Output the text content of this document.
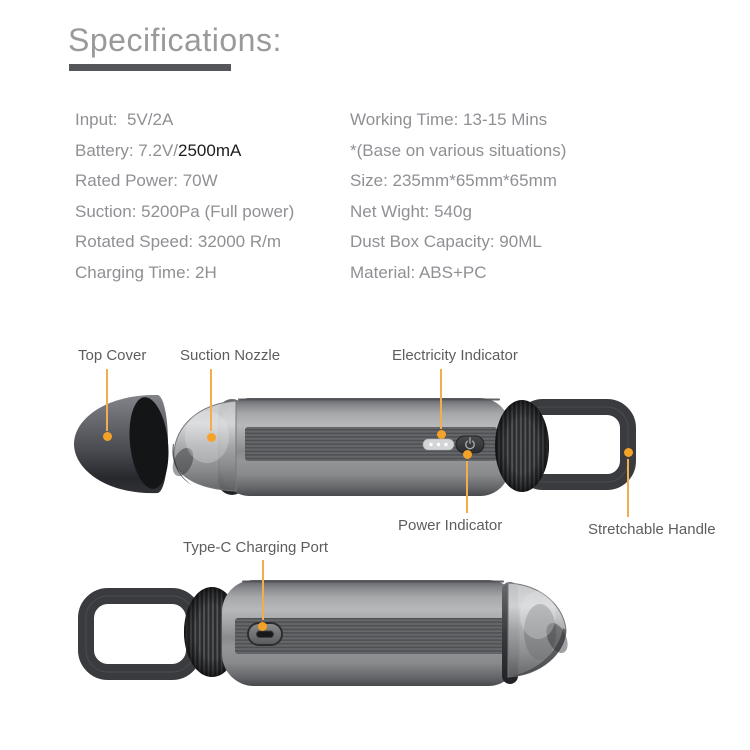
Specifications:
Input:  5V/2A
Battery: 7.2V/2500mA
Rated Power: 70W
Suction: 5200Pa (Full power)
Rotated Speed: 32000 R/m
Charging Time: 2H
Working Time: 13-15 Mins
*(Base on various situations)
Size: 235mm*65mm*65mm
Net Wight: 540g
Dust Box Capacity: 90ML
Material: ABS+PC
Top Cover Suction Nozzle	Electricity Indicator
Power Indicator	Stretchable Handle
Type-C Charging Port
